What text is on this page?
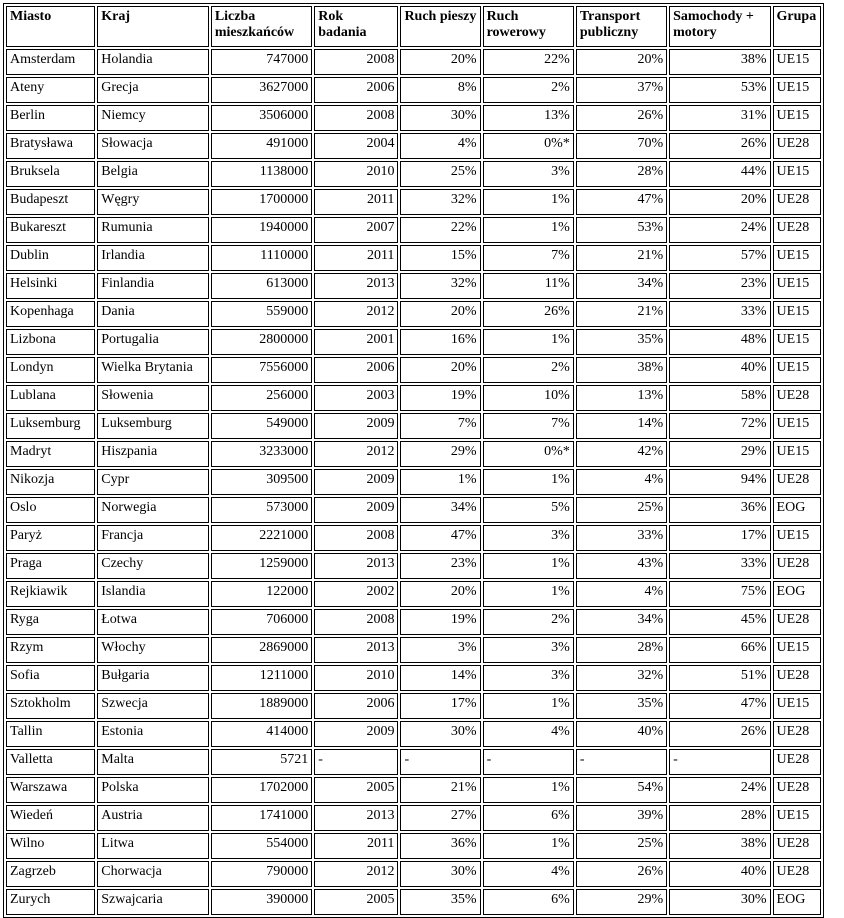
Miasto	Kraj	Liczba mieszkańców	Rok badania	Ruch pieszy	Ruch rowerowy	Transport publiczny	Samochody + motory	Grupa
Amsterdam	Holandia	747000	2008	20%	22%	20%	38%	UE15
Ateny	Grecja	3627000	2006	8%	2%	37%	53%	UE15
Berlin	Niemcy	3506000	2008	30%	13%	26%	31%	UE15
Bratysława	Słowacja	491000	2004	4%	0%*	70%	26%	UE28
Bruksela	Belgia	1138000	2010	25%	3%	28%	44%	UE15
Budapeszt	Węgry	1700000	2011	32%	1%	47%	20%	UE28
Bukareszt	Rumunia	1940000	2007	22%	1%	53%	24%	UE28
Dublin	Irlandia	1110000	2011	15%	7%	21%	57%	UE15
Helsinki	Finlandia	613000	2013	32%	11%	34%	23%	UE15
Kopenhaga	Dania	559000	2012	20%	26%	21%	33%	UE15
Lizbona	Portugalia	2800000	2001	16%	1%	35%	48%	UE15
Londyn	Wielka Brytania	7556000	2006	20%	2%	38%	40%	UE15
Lublana	Słowenia	256000	2003	19%	10%	13%	58%	UE28
Luksemburg	Luksemburg	549000	2009	7%	7%	14%	72%	UE15
Madryt	Hiszpania	3233000	2012	29%	0%*	42%	29%	UE15
Nikozja	Cypr	309500	2009	1%	1%	4%	94%	UE28
Oslo	Norwegia	573000	2009	34%	5%	25%	36%	EOG
Paryż	Francja	2221000	2008	47%	3%	33%	17%	UE15
Praga	Czechy	1259000	2013	23%	1%	43%	33%	UE28
Rejkiawik	Islandia	122000	2002	20%	1%	4%	75%	EOG
Ryga	Łotwa	706000	2008	19%	2%	34%	45%	UE28
Rzym	Włochy	2869000	2013	3%	3%	28%	66%	UE15
Sofia	Bułgaria	1211000	2010	14%	3%	32%	51%	UE28
Sztokholm	Szwecja	1889000	2006	17%	1%	35%	47%	UE15
Tallin	Estonia	414000	2009	30%	4%	40%	26%	UE28
Valletta	Malta	5721	-	-	-	-	-	UE28
Warszawa	Polska	1702000	2005	21%	1%	54%	24%	UE28
Wiedeń	Austria	1741000	2013	27%	6%	39%	28%	UE15
Wilno	Litwa	554000	2011	36%	1%	25%	38%	UE28
Zagrzeb	Chorwacja	790000	2012	30%	4%	26%	40%	UE28
Zurych	Szwajcaria	390000	2005	35%	6%	29%	30%	EOG
